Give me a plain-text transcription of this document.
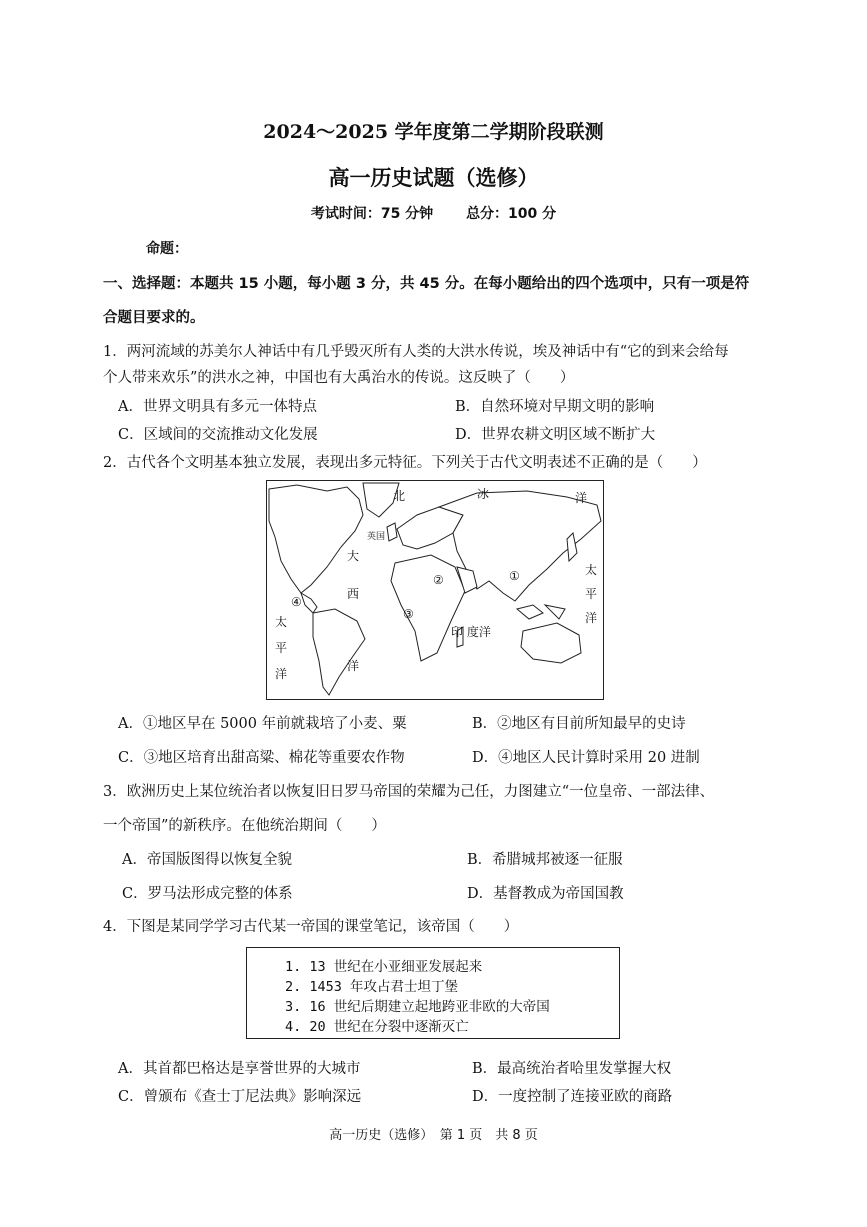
2024～2025 学年度第二学期阶段联测
高一历史试题（选修）
考试时间：75 分钟 总分：100 分
命题：
一、选择题：本题共 15 小题，每小题 3 分，共 45 分。在每小题给出的四个选项中，只有一项是符
合题目要求的。
1．两河流域的苏美尔人神话中有几乎毁灭所有人类的大洪水传说，埃及神话中有“它的到来会给每
个人带来欢乐”的洪水之神，中国也有大禹治水的传说。这反映了（　　）
A．世界文明具有多元一体特点	B．自然环境对早期文明的影响
C．区域间的交流推动文化发展	D．世界农耕文明区域不断扩大
2．古代各个文明基本独立发展，表现出多元特征。下列关于古代文明表述不正确的是（　　）
北	冰	洋
英国
大
西
洋
太
平
洋
太
平
洋
印 度洋
①
②
③
④
A．①地区早在 5000 年前就栽培了小麦、粟	B．②地区有目前所知最早的史诗
C．③地区培育出甜高粱、棉花等重要农作物	D．④地区人民计算时采用 20 进制
3．欧洲历史上某位统治者以恢复旧日罗马帝国的荣耀为己任，力图建立“一位皇帝、一部法律、
一个帝国”的新秩序。在他统治期间（　　）
A．帝国版图得以恢复全貌	B．希腊城邦被逐一征服
C．罗马法形成完整的体系	D．基督教成为帝国国教
4．下图是某同学学习古代某一帝国的课堂笔记，该帝国（　　）
1. 13 世纪在小亚细亚发展起来
2. 1453 年攻占君士坦丁堡
3. 16 世纪后期建立起地跨亚非欧的大帝国
4. 20 世纪在分裂中逐渐灭亡
A．其首都巴格达是享誉世界的大城市	B．最高统治者哈里发掌握大权
C．曾颁布《查士丁尼法典》影响深远	D．一度控制了连接亚欧的商路
高一历史（选修）　第 1 页　共 8 页
